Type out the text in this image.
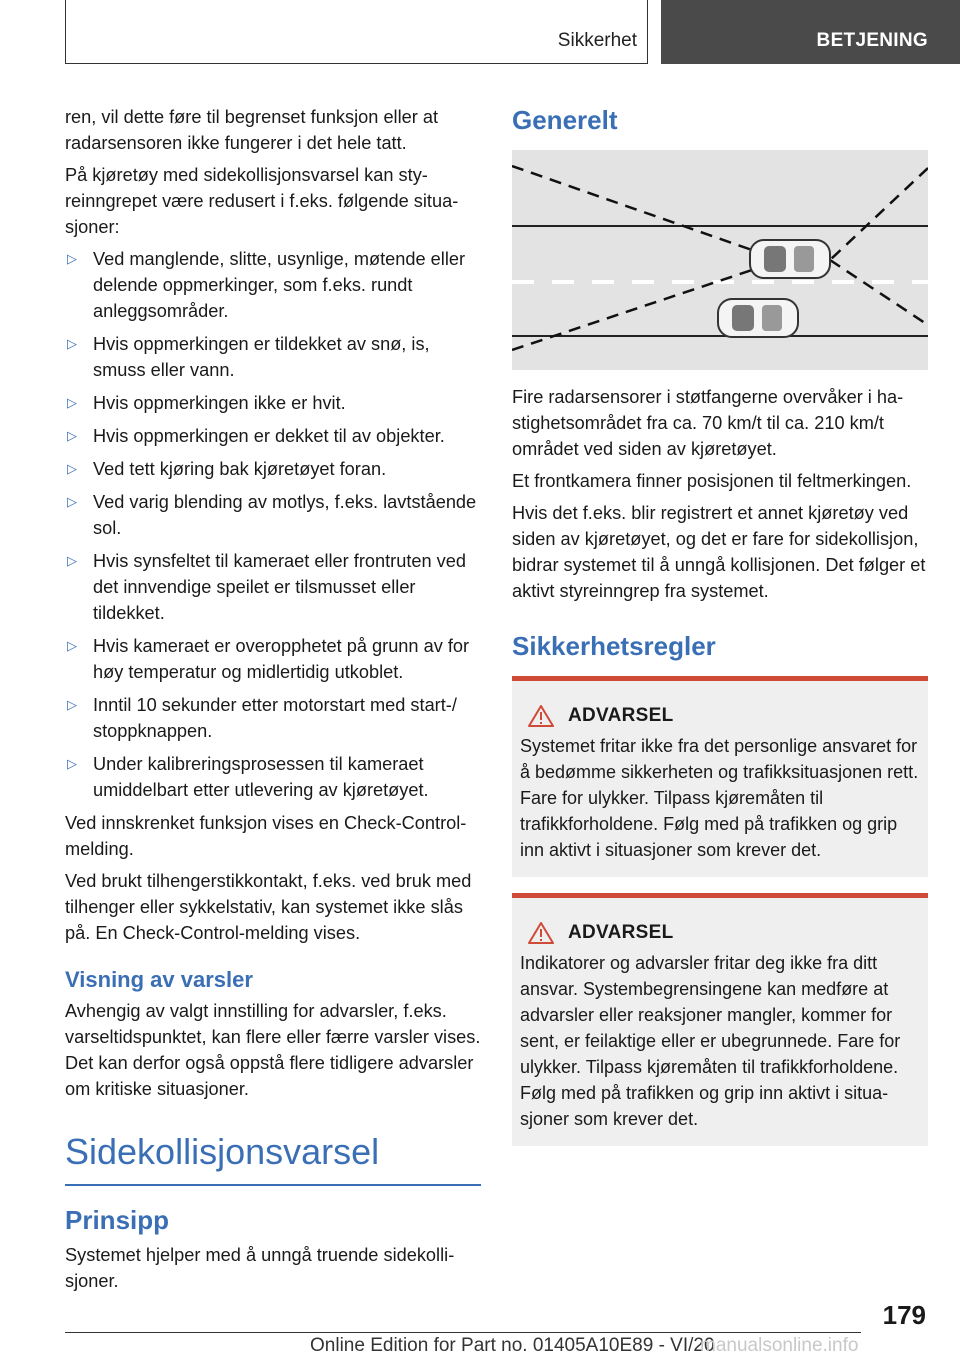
Sikkerhet	BETJENING

ren, vil dette føre til begrenset funksjon eller at radarsensoren ikke fungerer i det hele tatt.

På kjøretøy med sidekollisjonsvarsel kan styreinngrepet være redusert i f.eks. følgende situasjoner:

▷ Ved manglende, slitte, usynlige, møtende eller delende oppmerkinger, som f.eks. rundt anleggsområder.
▷ Hvis oppmerkingen er tildekket av snø, is, smuss eller vann.
▷ Hvis oppmerkingen ikke er hvit.
▷ Hvis oppmerkingen er dekket til av objekter.
▷ Ved tett kjøring bak kjøretøyet foran.
▷ Ved varig blending av motlys, f.eks. lavtstående sol.
▷ Hvis synsfeltet til kameraet eller frontruten ved det innvendige speilet er tilsmusset eller tildekket.
▷ Hvis kameraet er overopphetet på grunn av for høy temperatur og midlertidig utkoblet.
▷ Inntil 10 sekunder etter motorstart med start-/ stoppknappen.
▷ Under kalibreringsprosessen til kameraet umiddelbart etter utlevering av kjøretøyet.

Ved innskrenket funksjon vises en Check-Control-melding.

Ved brukt tilhengerstikkontakt, f.eks. ved bruk med tilhenger eller sykkelstativ, kan systemet ikke slås på. En Check-Control-melding vises.

Visning av varsler

Avhengig av valgt innstilling for advarsler, f.eks. varseltidspunktet, kan flere eller færre varsler vises. Det kan derfor også oppstå flere tidligere advarsler om kritiske situasjoner.

Sidekollisjonsvarsel
Prinsipp

Systemet hjelper med å unngå truende sidekollisjoner.

Generelt

Fire radarsensorer i støtfangerne overvåker i hastighetsområdet fra ca. 70 km/t til ca. 210 km/t området ved siden av kjøretøyet.

Et frontkamera finner posisjonen til feltmerkingen.

Hvis det f.eks. blir registrert et annet kjøretøy ved siden av kjøretøyet, og det er fare for sidekollisjon, bidrar systemet til å unngå kollisjonen. Det følger et aktivt styreinngrep fra systemet.

Sikkerhetsregler
ADVARSEL
Systemet fritar ikke fra det personlige ansvaret for å bedømme sikkerheten og trafikksituasjonen rett. Fare for ulykker. Tilpass kjøremåten til trafikkforholdene. Følg med på trafikken og grip inn aktivt i situasjoner som krever det.
ADVARSEL
Indikatorer og advarsler fritar deg ikke fra ditt ansvar. Systembegrensingene kan medføre at advarsler eller reaksjoner mangler, kommer for sent, er feilaktige eller er ubegrunnede. Fare for ulykker. Tilpass kjøremåten til trafikkforholdene. Følg med på trafikken og grip inn aktivt i situasjoner som krever det.
179
Online Edition for Part no. 01405A10E89 - VI/20
manualsonline.info
